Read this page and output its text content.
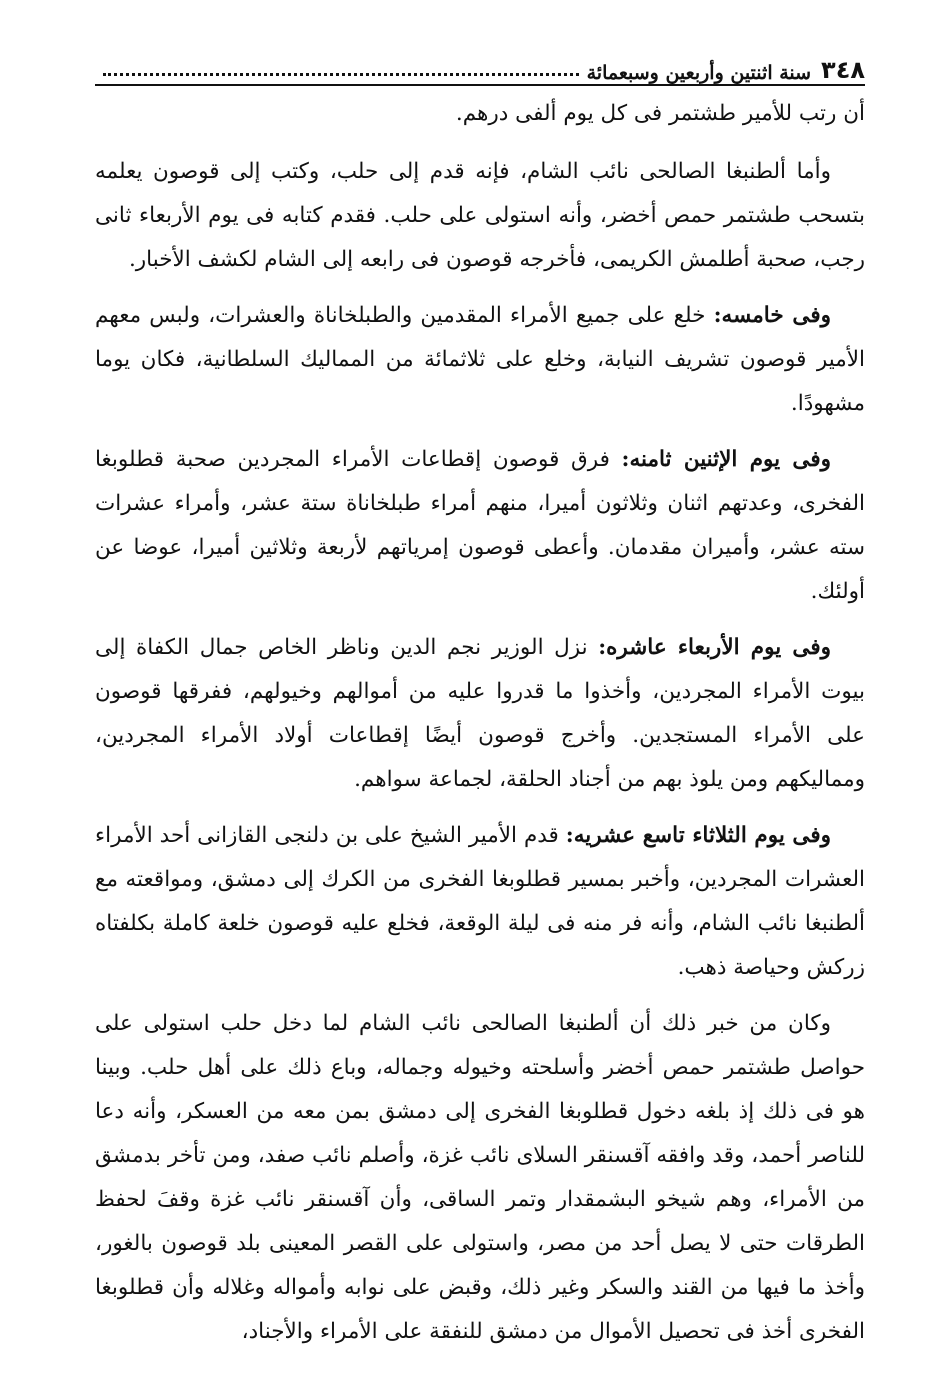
٣٤٨
سنة اثنتين وأربعين وسبعمائة

أن رتب للأمير طشتمر فى كل يوم ألفى درهم.

وأما ألطنبغا الصالحى نائب الشام، فإنه قدم إلى حلب، وكتب إلى قوصون يعلمه بتسحب طشتمر حمص أخضر، وأنه استولى على حلب. فقدم كتابه فى يوم الأربعاء ثانى رجب، صحبة أطلمش الكريمى، فأخرجه قوصون فى رابعه إلى الشام لكشف الأخبار.

وفى خامسه: خلع على جميع الأمراء المقدمين والطبلخاناة والعشرات، ولبس معهم الأمير قوصون تشريف النيابة، وخلع على ثلاثمائة من المماليك السلطانية، فكان يوما مشهودًا.

وفى يوم الإثنين ثامنه: فرق قوصون إقطاعات الأمراء المجردين صحبة قطلوبغا الفخرى، وعدتهم اثنان وثلاثون أميرا، منهم أمراء طبلخاناة ستة عشر، وأمراء عشرات سته عشر، وأميران مقدمان. وأعطى قوصون إمرياتهم لأربعة وثلاثين أميرا، عوضا عن أولئك.

وفى يوم الأربعاء عاشره: نزل الوزير نجم الدين وناظر الخاص جمال الكفاة إلى بيوت الأمراء المجردين، وأخذوا ما قدروا عليه من أموالهم وخيولهم، ففرقها قوصون على الأمراء المستجدين. وأخرج قوصون أيضًا إقطاعات أولاد الأمراء المجردين، ومماليكهم ومن يلوذ بهم من أجناد الحلقة، لجماعة سواهم.

وفى يوم الثلاثاء تاسع عشريه: قدم الأمير الشيخ على بن دلنجى القازانى أحد الأمراء العشرات المجردين، وأخبر بمسير قطلوبغا الفخرى من الكرك إلى دمشق، ومواقعته مع ألطنبغا نائب الشام، وأنه فر منه فى ليلة الوقعة، فخلع عليه قوصون خلعة كاملة بكلفتاه زركش وحياصة ذهب.

وكان من خبر ذلك أن ألطنبغا الصالحى نائب الشام لما دخل حلب استولى على حواصل طشتمر حمص أخضر وأسلحته وخيوله وجماله، وباع ذلك على أهل حلب. وبينا هو فى ذلك إذ بلغه دخول قطلوبغا الفخرى إلى دمشق بمن معه من العسكر، وأنه دعا للناصر أحمد، وقد وافقه آقسنقر السلاى نائب غزة، وأصلم نائب صفد، ومن تأخر بدمشق من الأمراء، وهم شيخو البشمقدار وتمر الساقى، وأن آقسنقر نائب غزة وقفَ لحفظ الطرقات حتى لا يصل أحد من مصر، واستولى على القصر المعينى بلد قوصون بالغور، وأخذ ما فيها من القند والسكر وغير ذلك، وقبض على نوابه وأمواله وغلاله وأن قطلوبغا الفخرى أخذ فى تحصيل الأموال من دمشق للنفقة على الأمراء والأجناد،
